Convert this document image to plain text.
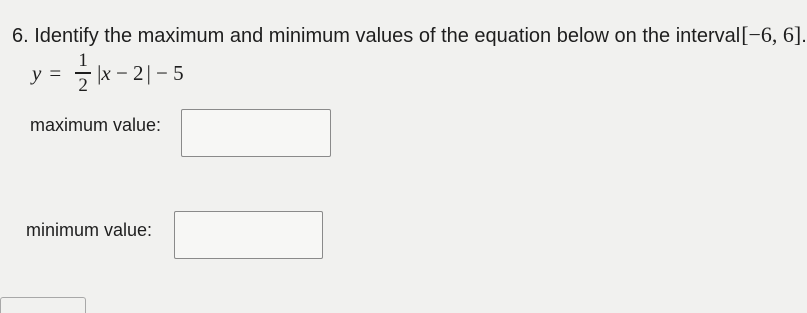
6. Identify the maximum and minimum values of the equation below on the interval[−6, 6].
$y = \frac{1}{2}$ | x − 2 | − 5
maximum value:
minimum value:
